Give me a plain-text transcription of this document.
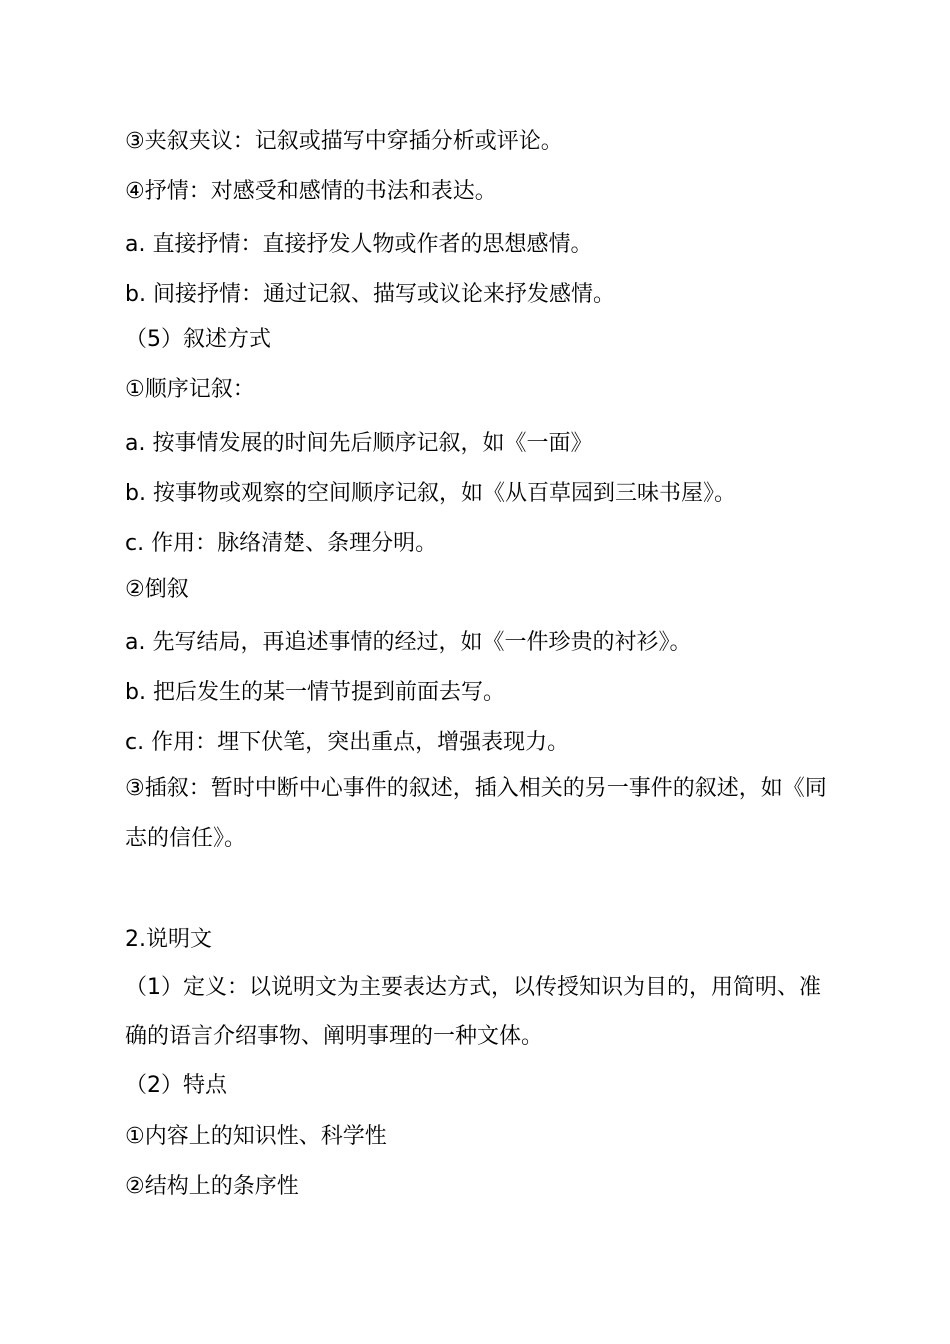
③夹叙夹议：记叙或描写中穿插分析或评论。

④抒情：对感受和感情的书法和表达。

a. 直接抒情：直接抒发人物或作者的思想感情。

b. 间接抒情：通过记叙、描写或议论来抒发感情。

（5）叙述方式

①顺序记叙：

a. 按事情发展的时间先后顺序记叙，如《一面》

b. 按事物或观察的空间顺序记叙，如《从百草园到三味书屋》。

c. 作用：脉络清楚、条理分明。

②倒叙

a. 先写结局，再追述事情的经过，如《一件珍贵的衬衫》。

b. 把后发生的某一情节提到前面去写。

c. 作用：埋下伏笔，突出重点，增强表现力。

③插叙：暂时中断中心事件的叙述，插入相关的另一事件的叙述，如《同

志的信任》。

2.说明文

（1）定义：以说明文为主要表达方式，以传授知识为目的，用简明、准

确的语言介绍事物、阐明事理的一种文体。

（2）特点

①内容上的知识性、科学性

②结构上的条序性
